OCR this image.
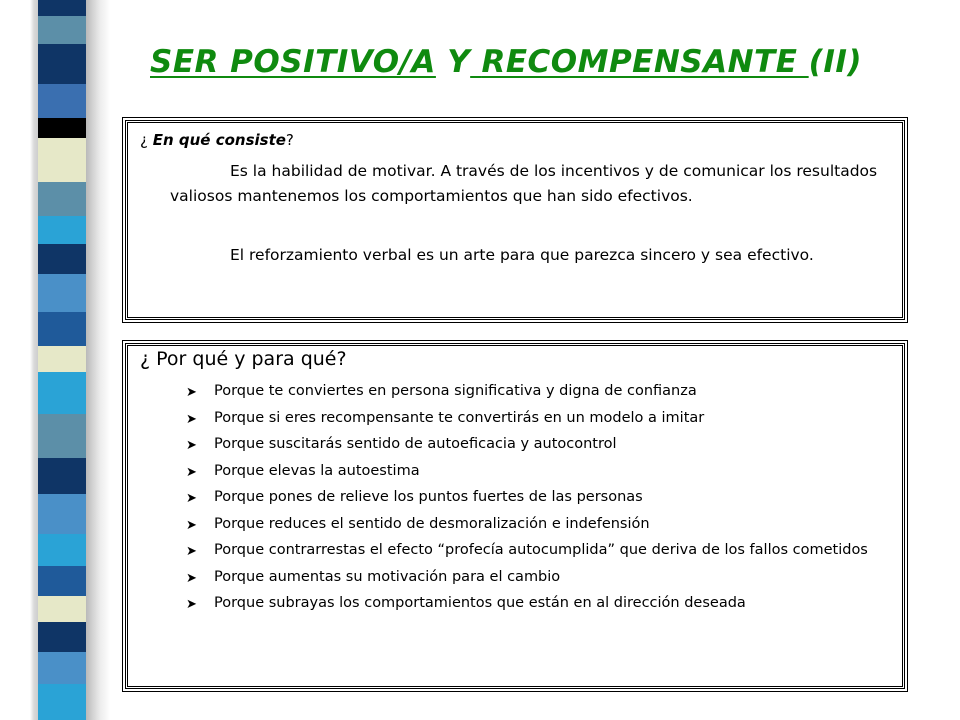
SER POSITIVO/A Y RECOMPENSANTE (II)
¿ En qué consiste?

Es la habilidad de motivar. A través de los incentivos y de comunicar los resultados valiosos mantenemos los comportamientos que han sido efectivos.

El reforzamiento verbal es un arte para que parezca sincero y sea efectivo.

¿ Por qué y para qué?
➤ Porque te conviertes en persona significativa y digna de confianza
➤ Porque si eres recompensante te convertirás en un modelo a imitar
➤ Porque suscitarás sentido de autoeficacia y autocontrol
➤ Porque elevas la autoestima
➤ Porque pones de relieve los puntos fuertes de las personas
➤ Porque reduces el sentido de desmoralización e indefensión
➤ Porque contrarrestas el efecto “profecía autocumplida” que deriva de los fallos cometidos
➤ Porque aumentas su motivación para el cambio
➤ Porque subrayas los comportamientos que están en al dirección deseada
